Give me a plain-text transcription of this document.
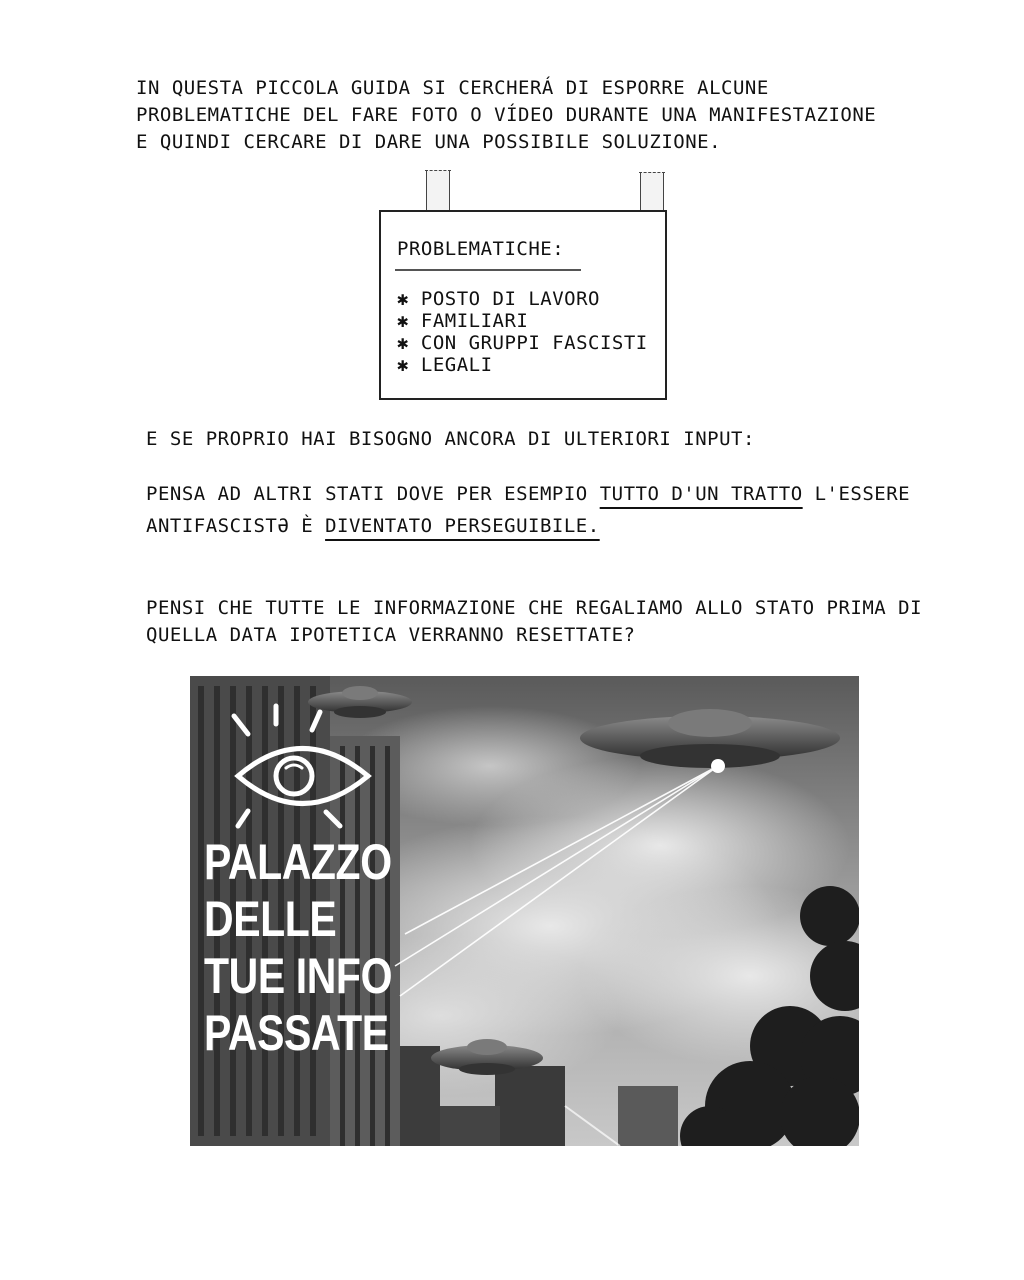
IN QUESTA PICCOLA GUIDA SI CERCHERÁ DI ESPORRE ALCUNE
PROBLEMATICHE DEL FARE FOTO O VÍDEO DURANTE UNA MANIFESTAZIONE
E QUINDI CERCARE DI DARE UNA POSSIBILE SOLUZIONE.

PROBLEMATICHE:
✱ POSTO DI LAVORO
✱ FAMILIARI
✱ CON GRUPPI FASCISTI
✱ LEGALI

E SE PROPRIO HAI BISOGNO ANCORA DI ULTERIORI INPUT:

PENSA AD ALTRI STATI DOVE PER ESEMPIO TUTTO D'UN TRATTO L'ESSERE
ANTIFASCISTƏ È DIVENTATO PERSEGUIBILE.

PENSI CHE TUTTE LE INFORMAZIONE CHE REGALIAMO ALLO STATO PRIMA DI
QUELLA DATA IPOTETICA VERRANNO RESETTATE?

PALAZZO
DELLE
TUE INFO
PASSATE
